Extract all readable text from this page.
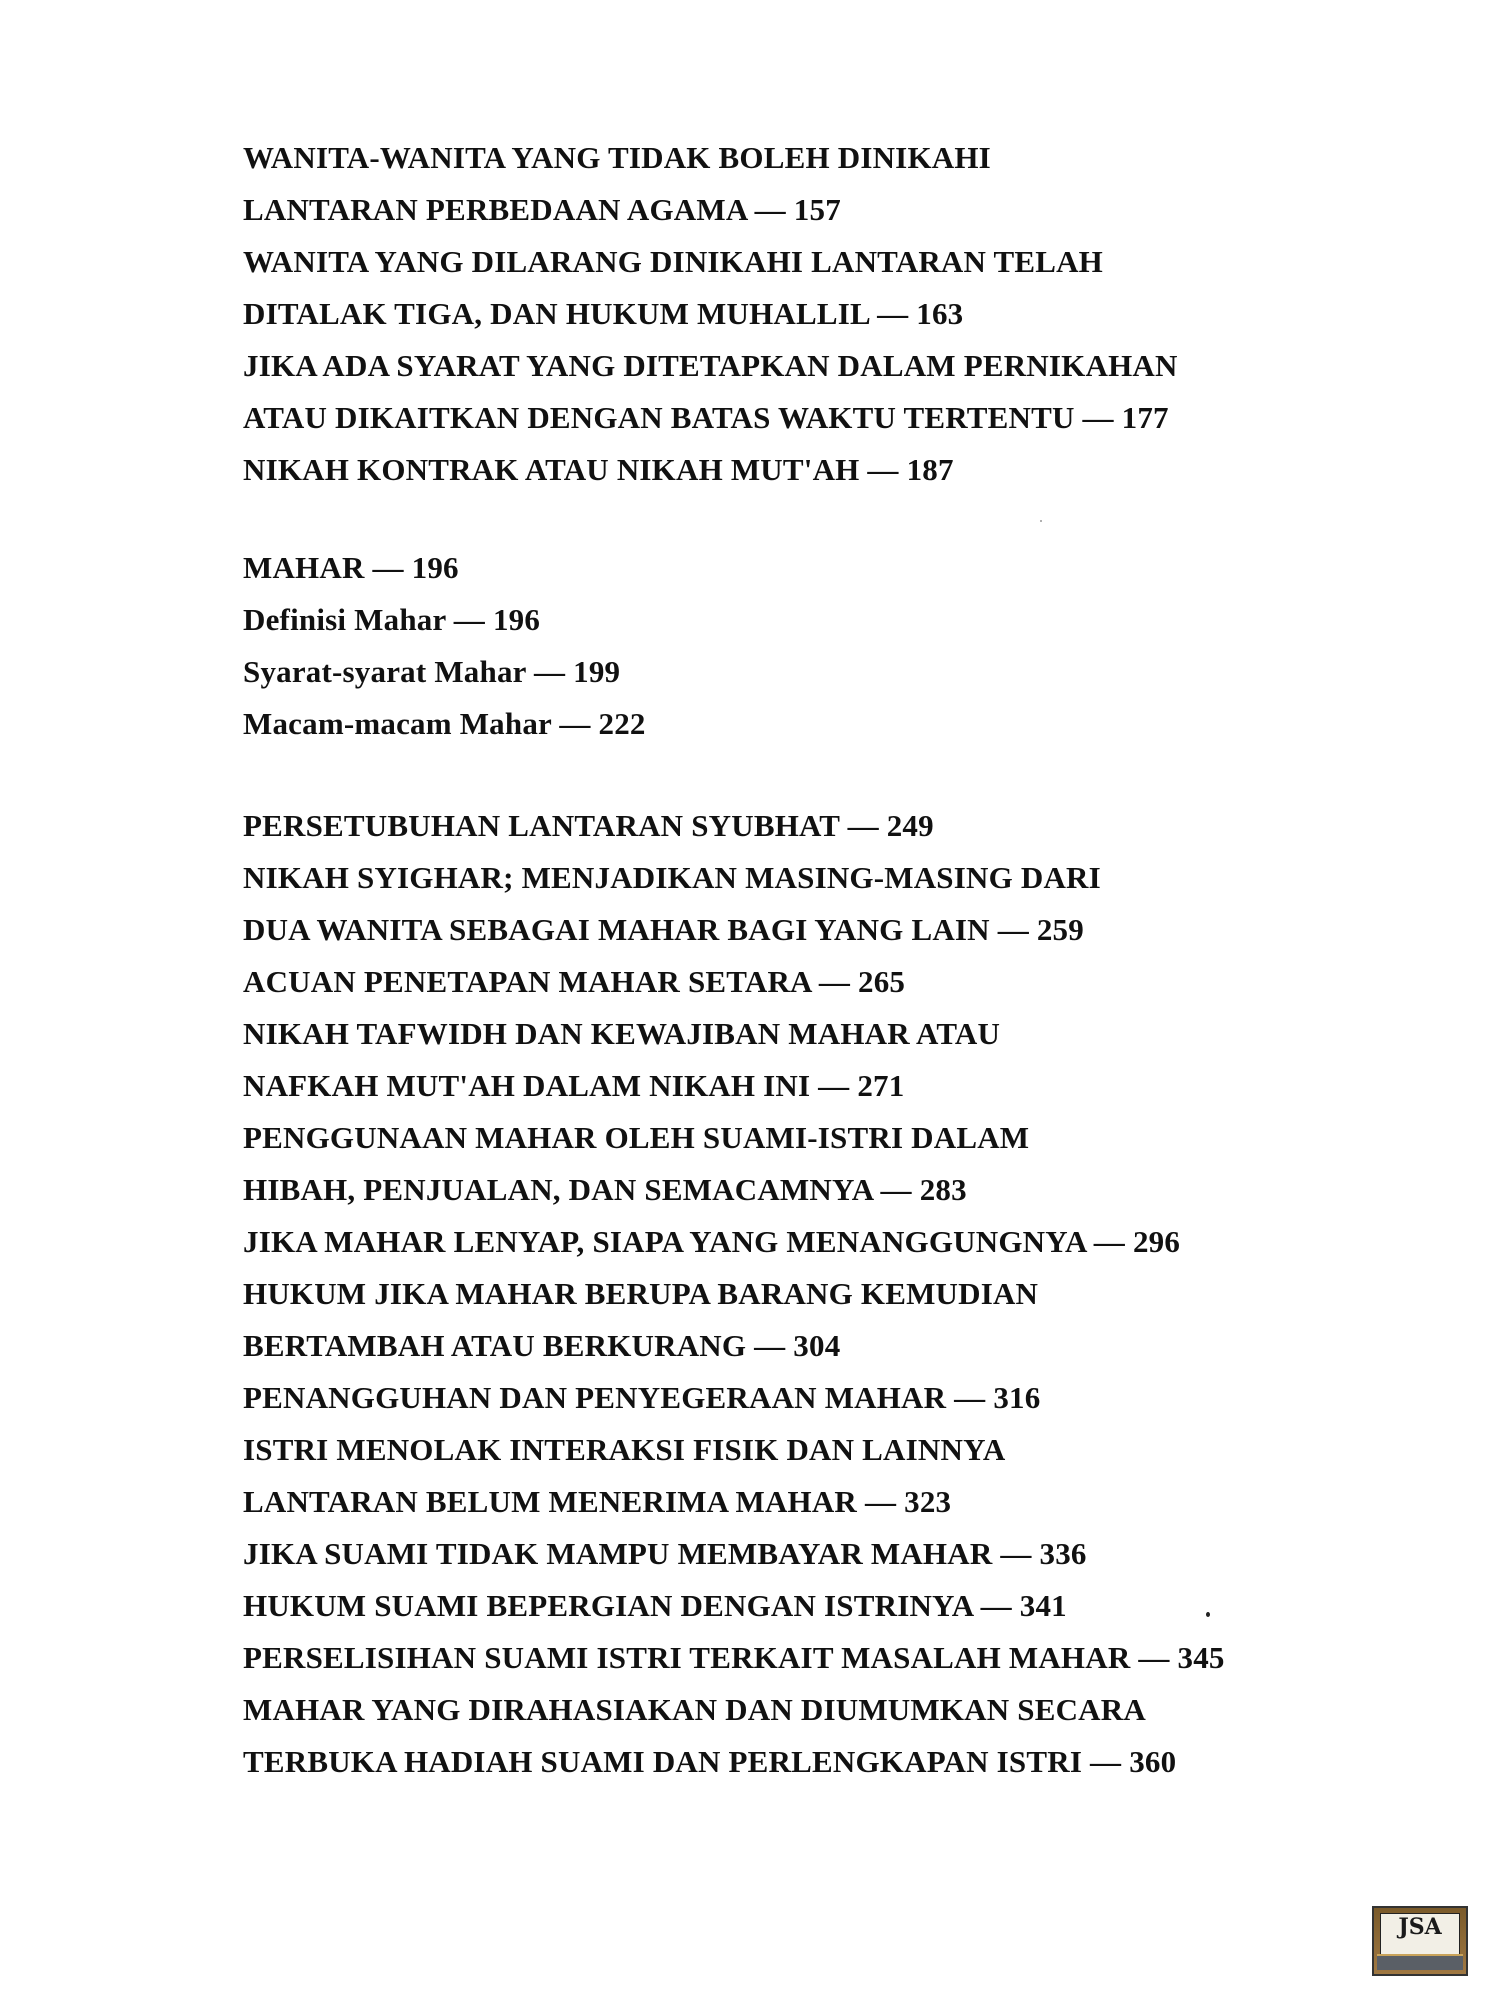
WANITA-WANITA YANG TIDAK BOLEH DINIKAHI
LANTARAN PERBEDAAN AGAMA — 157
WANITA YANG DILARANG DINIKAHI LANTARAN TELAH
DITALAK TIGA, DAN HUKUM MUHALLIL — 163
JIKA ADA SYARAT YANG DITETAPKAN DALAM PERNIKAHAN
ATAU DIKAITKAN DENGAN BATAS WAKTU TERTENTU — 177
NIKAH KONTRAK ATAU NIKAH MUT'AH — 187
MAHAR — 196
Definisi Mahar — 196
Syarat-syarat Mahar — 199
Macam-macam Mahar — 222
PERSETUBUHAN LANTARAN SYUBHAT — 249
NIKAH SYIGHAR; MENJADIKAN MASING-MASING DARI
DUA WANITA SEBAGAI MAHAR BAGI YANG LAIN — 259
ACUAN PENETAPAN MAHAR SETARA — 265
NIKAH TAFWIDH DAN KEWAJIBAN MAHAR ATAU
NAFKAH MUT'AH DALAM NIKAH INI — 271
PENGGUNAAN MAHAR OLEH SUAMI-ISTRI DALAM
HIBAH, PENJUALAN, DAN SEMACAMNYA — 283
JIKA MAHAR LENYAP, SIAPA YANG MENANGGUNGNYA — 296
HUKUM JIKA MAHAR BERUPA BARANG KEMUDIAN
BERTAMBAH ATAU BERKURANG — 304
PENANGGUHAN DAN PENYEGERAAN MAHAR — 316
ISTRI MENOLAK INTERAKSI FISIK DAN LAINNYA
LANTARAN BELUM MENERIMA MAHAR — 323
JIKA SUAMI TIDAK MAMPU MEMBAYAR MAHAR — 336
HUKUM SUAMI BEPERGIAN DENGAN ISTRINYA — 341
PERSELISIHAN SUAMI ISTRI TERKAIT MASALAH MAHAR — 345
MAHAR YANG DIRAHASIAKAN DAN DIUMUMKAN SECARA
TERBUKA HADIAH SUAMI DAN PERLENGKAPAN ISTRI — 360
JSA
